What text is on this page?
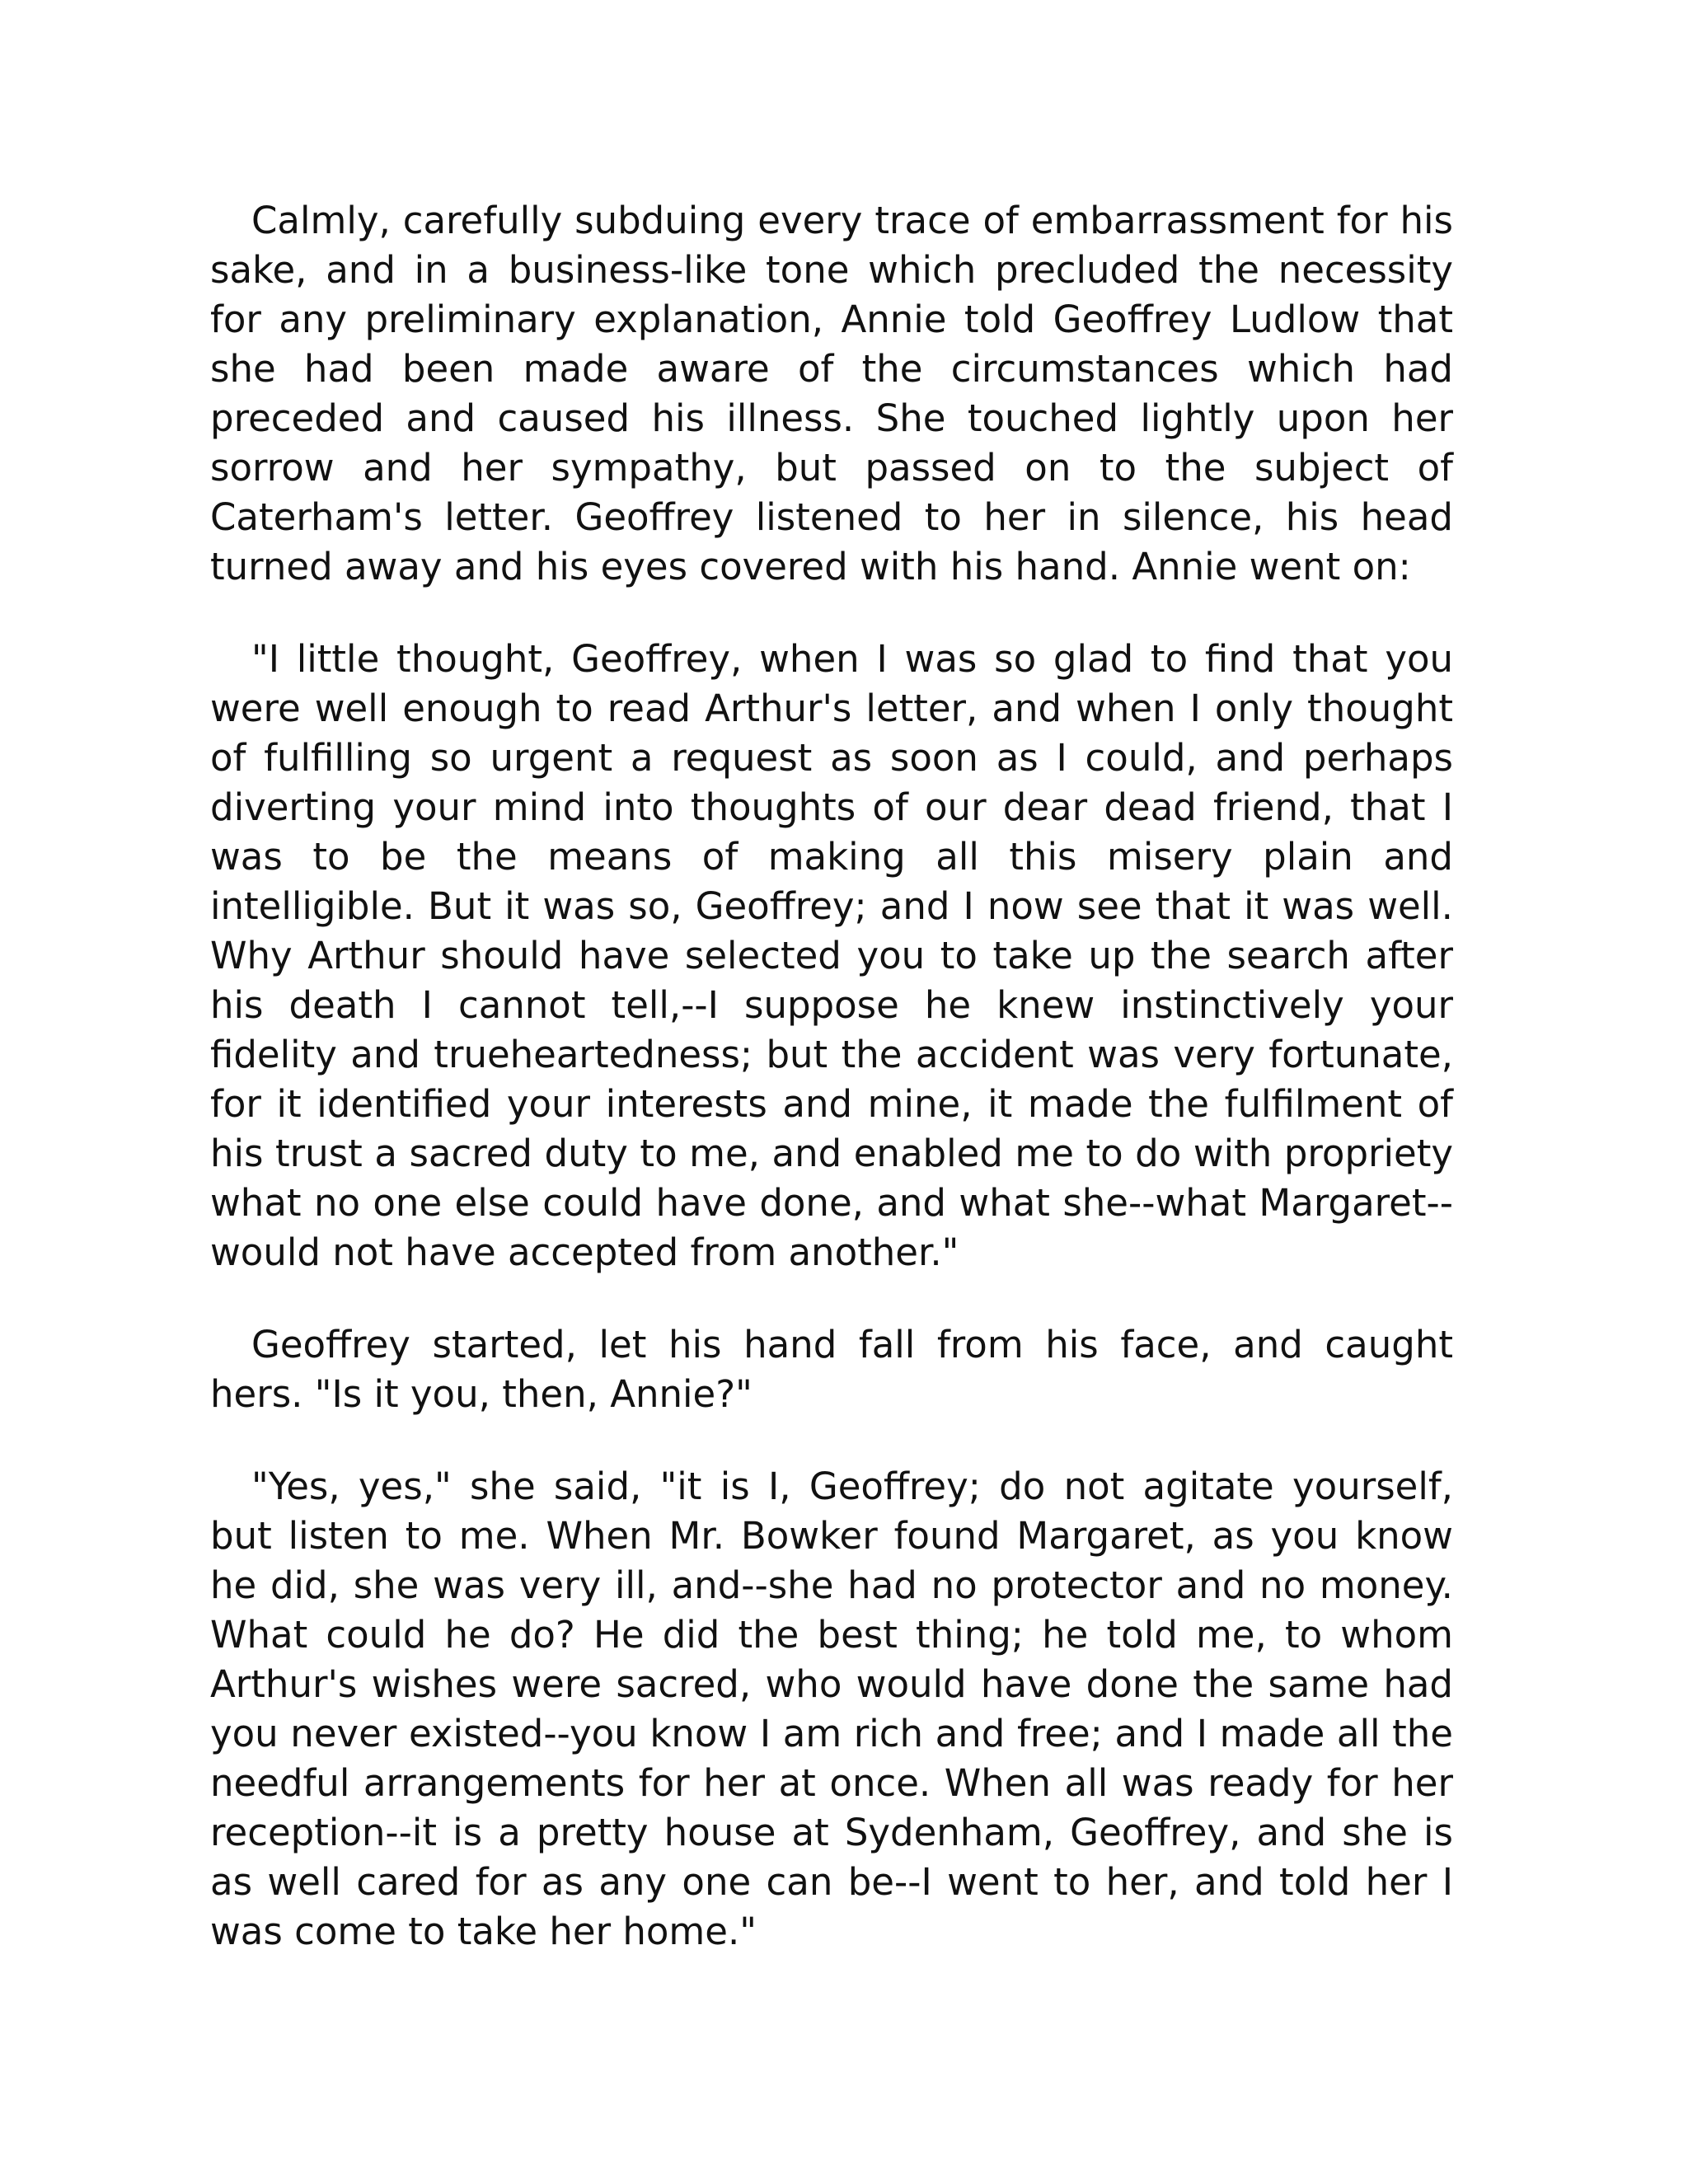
Calmly, carefully subduing every trace of embarrassment for his sake, and in a business-like tone which precluded the necessity for any preliminary explanation, Annie told Geoffrey Ludlow that she had been made aware of the circumstances which had preceded and caused his illness. She touched lightly upon her sorrow and her sympathy, but passed on to the subject of Caterham's letter. Geoffrey listened to her in silence, his head turned away and his eyes covered with his hand. Annie went on:

"I little thought, Geoffrey, when I was so glad to find that you were well enough to read Arthur's letter, and when I only thought of fulfilling so urgent a request as soon as I could, and perhaps diverting your mind into thoughts of our dear dead friend, that I was to be the means of making all this misery plain and intelligible. But it was so, Geoffrey; and I now see that it was well. Why Arthur should have selected you to take up the search after his death I cannot tell,--I suppose he knew instinctively your fidelity and trueheartedness; but the accident was very fortunate, for it identified your interests and mine, it made the fulfilment of his trust a sacred duty to me, and enabled me to do with propriety what no one else could have done, and what she--what Margaret--would not have accepted from another."

Geoffrey started, let his hand fall from his face, and caught hers. "Is it you, then, Annie?"

"Yes, yes," she said, "it is I, Geoffrey; do not agitate yourself, but listen to me. When Mr. Bowker found Margaret, as you know he did, she was very ill, and--she had no protector and no money. What could he do? He did the best thing; he told me, to whom Arthur's wishes were sacred, who would have done the same had you never existed--you know I am rich and free; and I made all the needful arrangements for her at once. When all was ready for her reception--it is a pretty house at Sydenham, Geoffrey, and she is as well cared for as any one can be--I went to her, and told her I was come to take her home."
